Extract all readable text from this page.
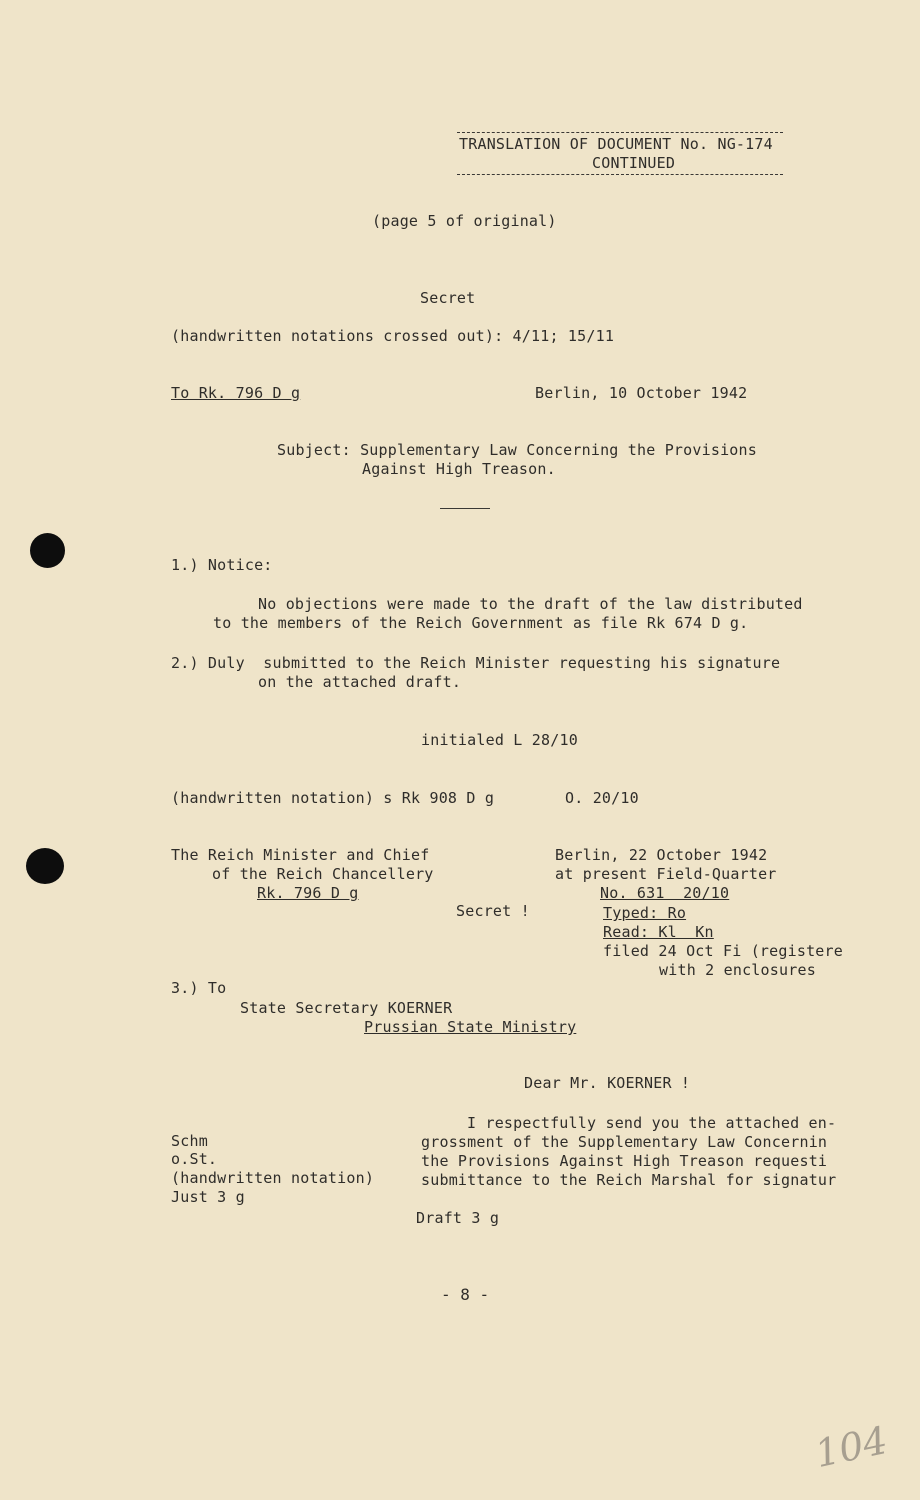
TRANSLATION OF DOCUMENT No. NG-174
CONTINUED
(page 5 of original)
Secret
(handwritten notations crossed out): 4/11; 15/11
To Rk. 796 D g	Berlin, 10 October 1942
Subject: Supplementary Law Concerning the Provisions
Against High Treason.
1.) Notice:
No objections were made to the draft of the law distributed
to the members of the Reich Government as file Rk 674 D g.
2.) Duly  submitted to the Reich Minister requesting his signature
on the attached draft.
initialed L 28/10
(handwritten notation) s Rk 908 D g	O. 20/10
The Reich Minister and Chief
of the Reich Chancellery
Rk. 796 D g
Berlin, 22 October 1942
at present Field-Quarter
No. 631  20/10
Secret !	Typed: Ro
Read: Kl  Kn
filed 24 Oct Fi (registere
with 2 enclosures
3.) To
State Secretary KOERNER
Prussian State Ministry
Dear Mr. KOERNER !
I respectfully send you the attached en-
Schm	grossment of the Supplementary Law Concernin
o.St.	the Provisions Against High Treason requesti
(handwritten notation)	submittance to the Reich Marshal for signatur
Just 3 g
Draft 3 g
- 8 -
104
